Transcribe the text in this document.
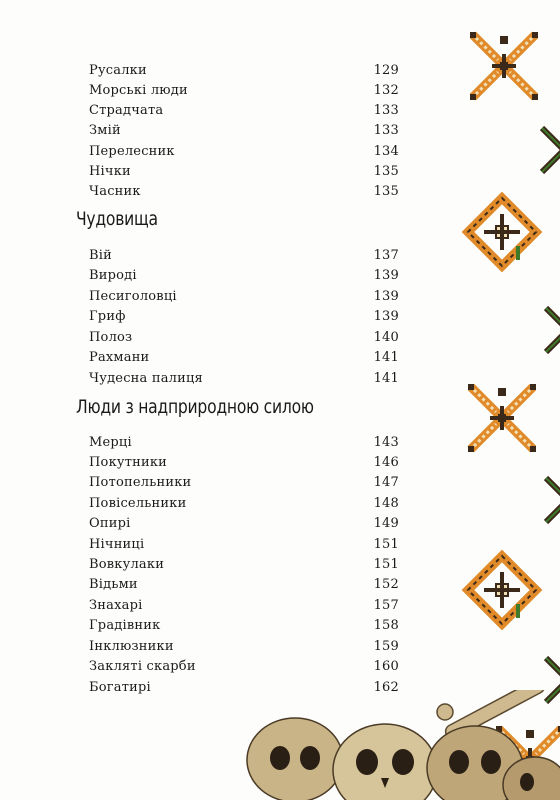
Русалки	129
Морські люди	132
Страдчата	133
Змій	133
Перелесник	134
Нічки	135
Часник	135
Чудовища
Вій	137
Виродi	139
Песиголовці	139
Гриф	139
Полоз	140
Рахмани	141
Чудесна палиця	141
Люди з надприродною силою
Мерці	143
Покутники	146
Потопельники	147
Повісельники	148
Опирі	149
Нічниці	151
Вовкулаки	151
Відьми	152
Знахарі	157
Градівник	158
Інклюзники	159
Закляті скарби	160
Богатирі	162
